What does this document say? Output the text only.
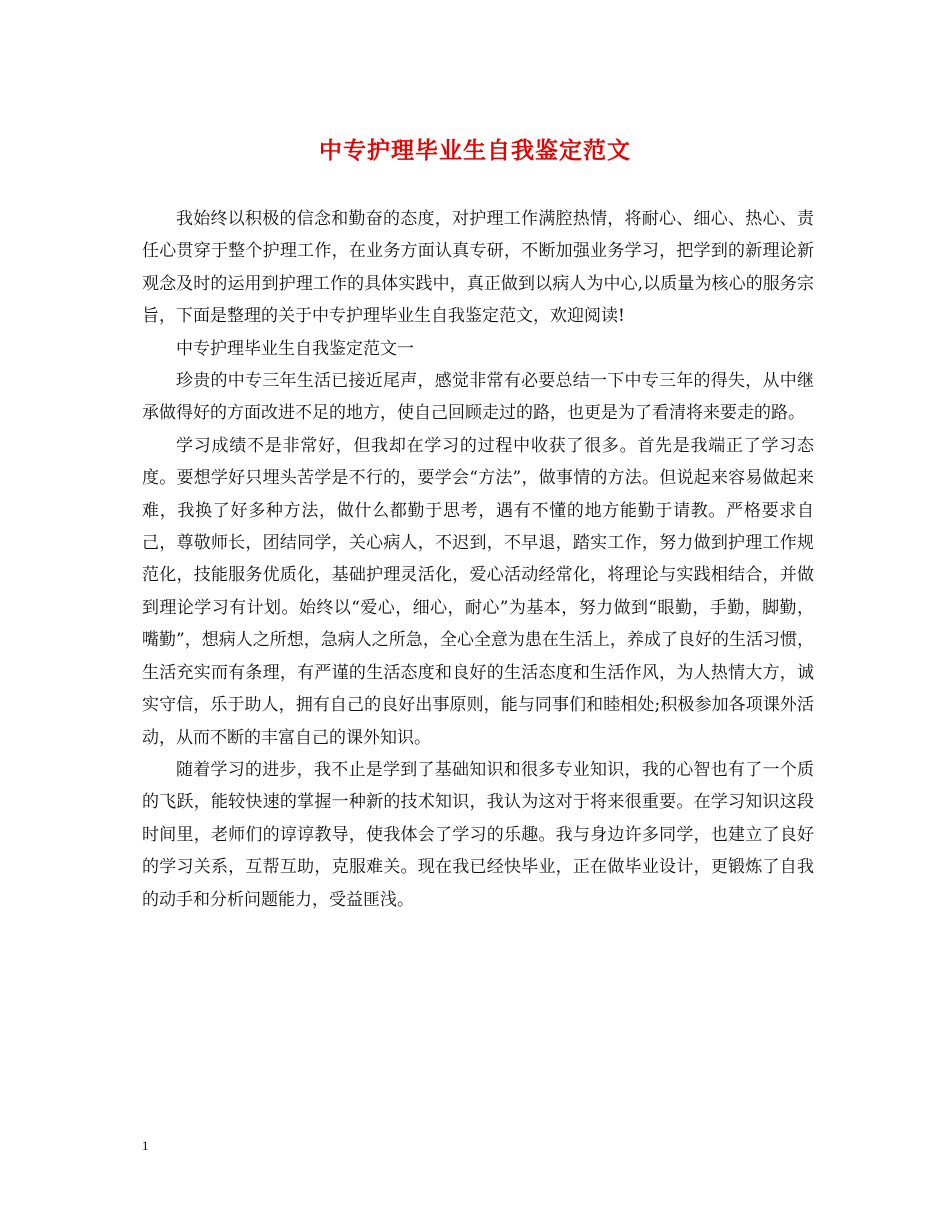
中专护理毕业生自我鉴定范文

我始终以积极的信念和勤奋的态度，对护理工作满腔热情，将耐心、细心、热心、责任心贯穿于整个护理工作，在业务方面认真专研，不断加强业务学习，把学到的新理论新观念及时的运用到护理工作的具体实践中，真正做到以病人为中心,以质量为核心的服务宗旨，下面是整理的关于中专护理毕业生自我鉴定范文，欢迎阅读!

中专护理毕业生自我鉴定范文一

珍贵的中专三年生活已接近尾声，感觉非常有必要总结一下中专三年的得失，从中继承做得好的方面改进不足的地方，使自己回顾走过的路，也更是为了看清将来要走的路。

学习成绩不是非常好，但我却在学习的过程中收获了很多。首先是我端正了学习态度。要想学好只埋头苦学是不行的，要学会“方法”，做事情的方法。但说起来容易做起来难，我换了好多种方法，做什么都勤于思考，遇有不懂的地方能勤于请教。严格要求自己，尊敬师长，团结同学，关心病人，不迟到，不早退，踏实工作，努力做到护理工作规范化，技能服务优质化，基础护理灵活化，爱心活动经常化，将理论与实践相结合，并做到理论学习有计划。始终以“爱心，细心，耐心”为基本，努力做到“眼勤，手勤，脚勤，嘴勤”，想病人之所想，急病人之所急，全心全意为患在生活上，养成了良好的生活习惯，生活充实而有条理，有严谨的生活态度和良好的生活态度和生活作风，为人热情大方，诚实守信，乐于助人，拥有自己的良好出事原则，能与同事们和睦相处;积极参加各项课外活动，从而不断的丰富自己的课外知识。

随着学习的进步，我不止是学到了基础知识和很多专业知识，我的心智也有了一个质的飞跃，能较快速的掌握一种新的技术知识，我认为这对于将来很重要。在学习知识这段时间里，老师们的谆谆教导，使我体会了学习的乐趣。我与身边许多同学，也建立了良好的学习关系，互帮互助，克服难关。现在我已经快毕业，正在做毕业设计，更锻炼了自我的动手和分析问题能力，受益匪浅。

1
